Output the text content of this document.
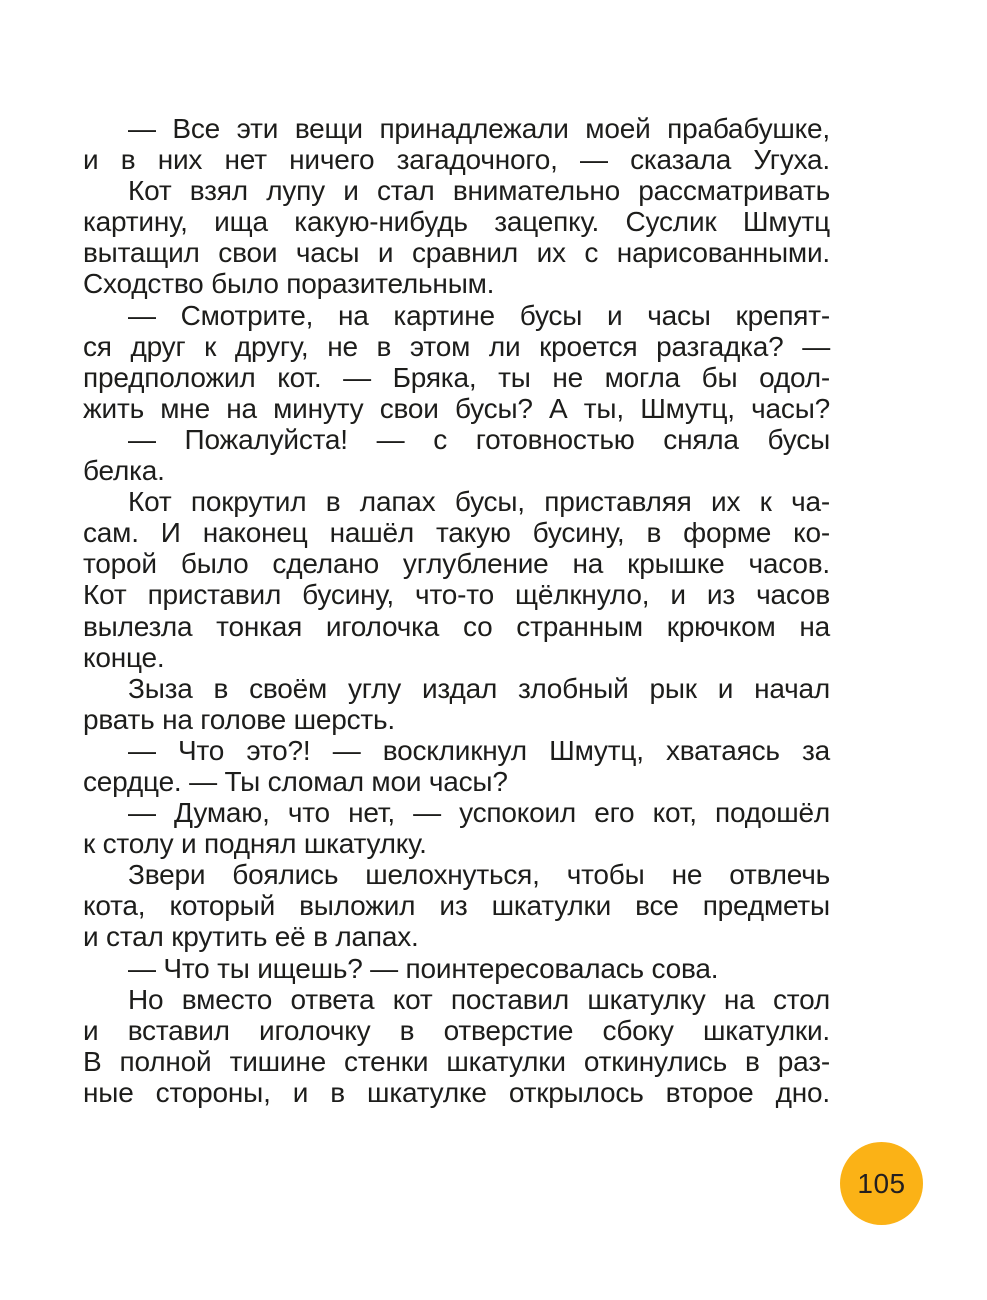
— Все эти вещи принадлежали моей прабабушке,
и в них нет ничего загадочного, — сказала Угуха.
Кот взял лупу и стал внимательно рассматривать
картину, ища какую-нибудь зацепку. Суслик Шмутц
вытащил свои часы и сравнил их с нарисованными.
Сходство было поразительным.
— Смотрите, на картине бусы и часы крепят-
ся друг к другу, не в этом ли кроется разгадка? —
предположил кот. — Бряка, ты не могла бы одол-
жить мне на минуту свои бусы? А ты, Шмутц, часы?
— Пожалуйста! — с готовностью сняла бусы
белка.
Кот покрутил в лапах бусы, приставляя их к ча-
сам. И наконец нашёл такую бусину, в форме ко-
торой было сделано углубление на крышке часов.
Кот приставил бусину, что-то щёлкнуло, и из часов
вылезла тонкая иголочка со странным крючком на
конце.
Зыза в своём углу издал злобный рык и начал
рвать на голове шерсть.
— Что это?! — воскликнул Шмутц, хватаясь за
сердце. — Ты сломал мои часы?
— Думаю, что нет, — успокоил его кот, подошёл
к столу и поднял шкатулку.
Звери боялись шелохнуться, чтобы не отвлечь
кота, который выложил из шкатулки все предметы
и стал крутить её в лапах.
— Что ты ищешь? — поинтересовалась сова.
Но вместо ответа кот поставил шкатулку на стол
и вставил иголочку в отверстие сбоку шкатулки.
В полной тишине стенки шкатулки откинулись в раз-
ные стороны, и в шкатулке открылось второе дно.
105
